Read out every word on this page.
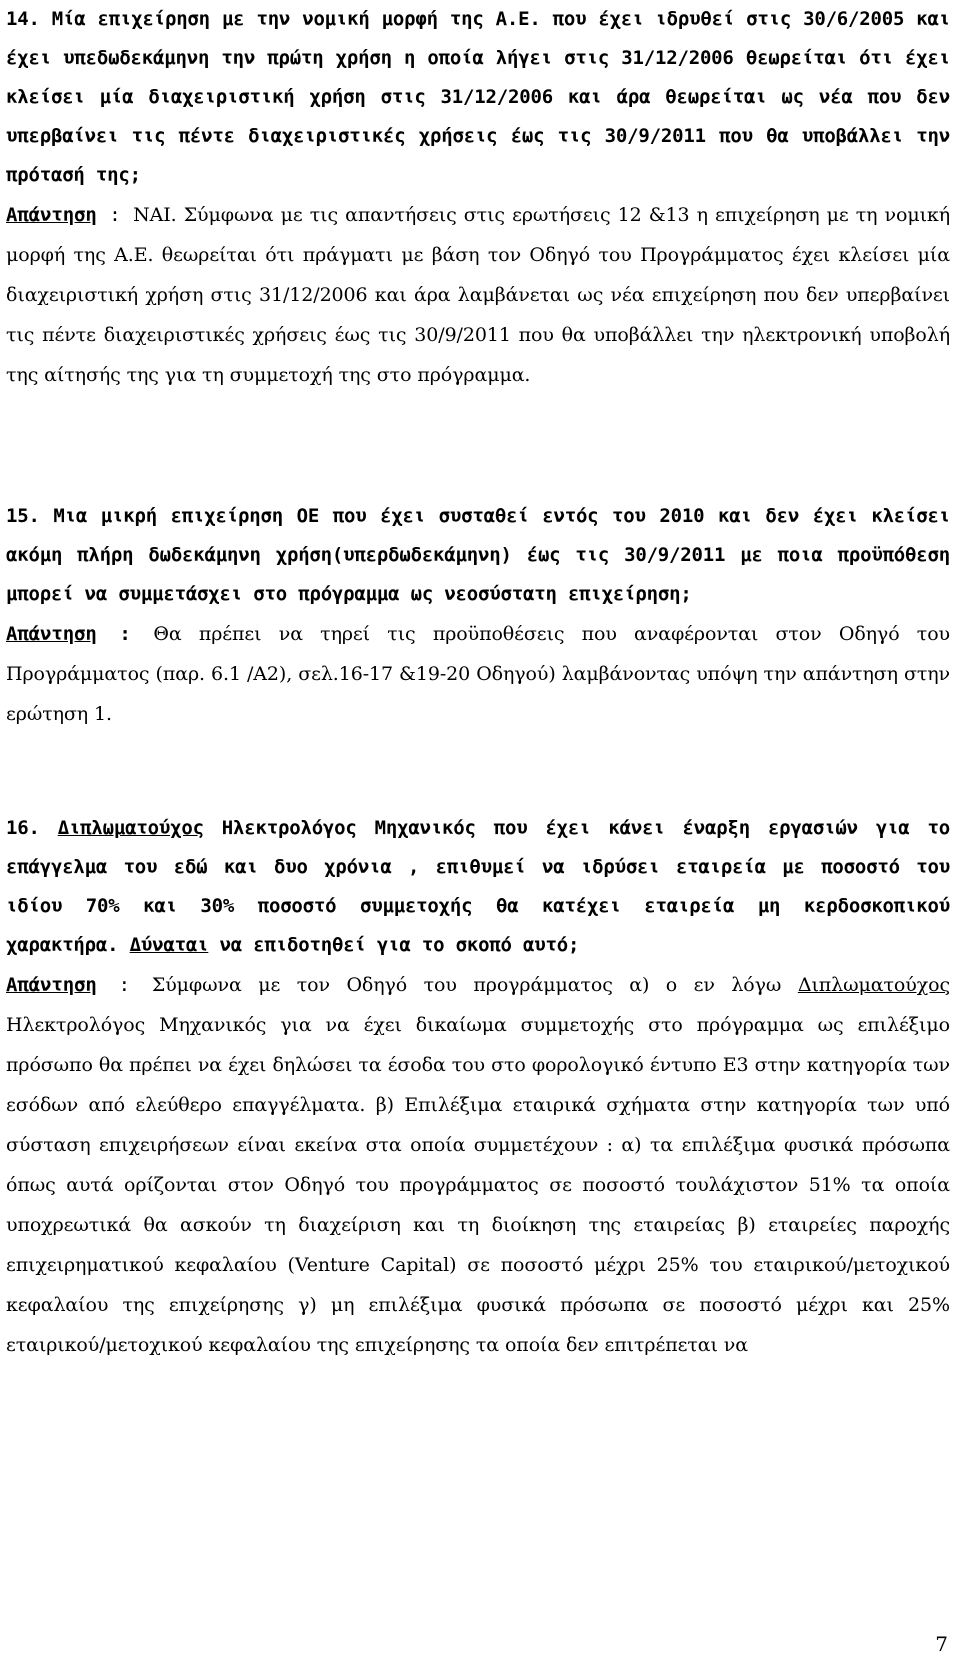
14. Μία επιχείρηση με την νομική μορφή της Α.Ε. που έχει ιδρυθεί στις 30/6/2005 και έχει υπεδωδεκάμηνη την πρώτη χρήση η οποία λήγει στις 31/12/2006 θεωρείται ότι έχει κλείσει μία διαχειριστική χρήση στις 31/12/2006 και άρα θεωρείται ως νέα που δεν υπερβαίνει τις πέντε διαχειριστικές χρήσεις έως τις 30/9/2011 που θα υποβάλλει την πρότασή της;

Απάντηση : ΝΑΙ. Σύμφωνα με τις απαντήσεις στις ερωτήσεις 12 &13 η επιχείρηση με τη νομική μορφή της Α.Ε. θεωρείται ότι πράγματι με βάση τον Οδηγό του Προγράμματος έχει κλείσει μία διαχειριστική χρήση στις 31/12/2006 και άρα λαμβάνεται ως νέα επιχείρηση που δεν υπερβαίνει τις πέντε διαχειριστικές χρήσεις έως τις 30/9/2011 που θα υποβάλλει την ηλεκτρονική υποβολή της αίτησής της για τη συμμετοχή της στο πρόγραμμα.

15. Μια μικρή επιχείρηση ΟΕ που έχει συσταθεί εντός του 2010 και δεν έχει κλείσει ακόμη πλήρη δωδεκάμηνη χρήση(υπερδωδεκάμηνη) έως τις 30/9/2011 με ποια προϋπόθεση μπορεί να συμμετάσχει στο πρόγραμμα ως νεοσύστατη επιχείρηση;

Απάντηση : Θα πρέπει να τηρεί τις προϋποθέσεις που αναφέρονται στον Οδηγό του Προγράμματος (παρ. 6.1 /Α2), σελ.16-17 &19-20 Οδηγού) λαμβάνοντας υπόψη την απάντηση στην ερώτηση 1.

16. Διπλωματούχος Ηλεκτρολόγος Μηχανικός που έχει κάνει έναρξη εργασιών για το επάγγελμα του εδώ και δυο χρόνια , επιθυμεί να ιδρύσει εταιρεία με ποσοστό του ιδίου 70% και 30% ποσοστό συμμετοχής θα κατέχει εταιρεία μη κερδοσκοπικού χαρακτήρα. Δύναται να επιδοτηθεί για το σκοπό αυτό;

Απάντηση : Σύμφωνα με τον Οδηγό του προγράμματος α) ο εν λόγω Διπλωματούχος Ηλεκτρολόγος Μηχανικός για να έχει δικαίωμα συμμετοχής στο πρόγραμμα ως επιλέξιμο πρόσωπο θα πρέπει να έχει δηλώσει τα έσοδα του στο φορολογικό έντυπο Ε3 στην κατηγορία των εσόδων από ελεύθερο επαγγέλματα. β) Επιλέξιμα εταιρικά σχήματα στην κατηγορία των υπό σύσταση επιχειρήσεων είναι εκείνα στα οποία συμμετέχουν : α) τα επιλέξιμα φυσικά πρόσωπα όπως αυτά ορίζονται στον Οδηγό του προγράμματος σε ποσοστό τουλάχιστον 51% τα οποία υποχρεωτικά θα ασκούν τη διαχείριση και τη διοίκηση της εταιρείας β) εταιρείες παροχής επιχειρηματικού κεφαλαίου (Venture Capital) σε ποσοστό μέχρι 25% του εταιρικού/μετοχικού κεφαλαίου της επιχείρησης γ) μη επιλέξιμα φυσικά πρόσωπα σε ποσοστό μέχρι και 25% εταιρικού/μετοχικού κεφαλαίου της επιχείρησης τα οποία δεν επιτρέπεται να

7
